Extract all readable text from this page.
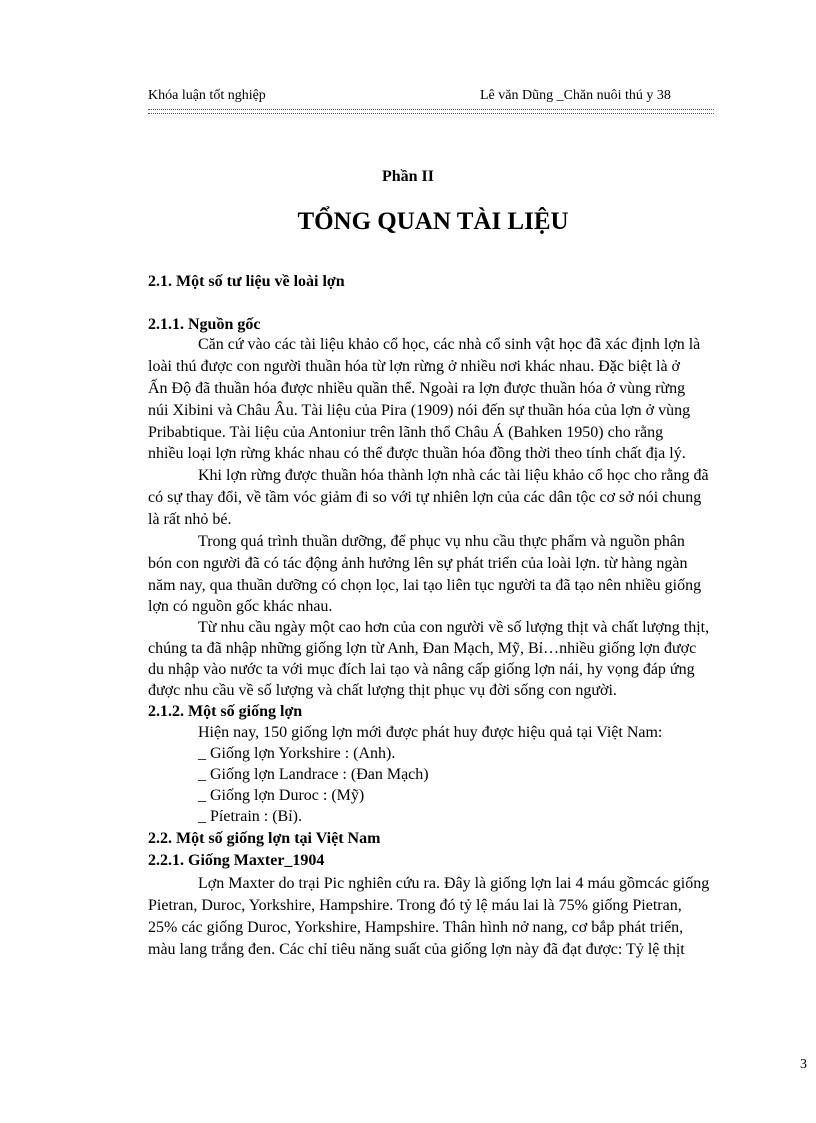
Khóa luận tốt nghiệp	Lê văn Dũng _Chăn nuôi thú y 38
Phần II
TỔNG QUAN TÀI LIỆU
2.1. Một số tư liệu về loài lợn
2.1.1. Nguồn gốc
Căn cứ vào các tài liệu khảo cổ học, các nhà cổ sinh vật học đã xác định lợn là
loài thú được con người thuần hóa từ lợn rừng ở nhiều nơi khác nhau. Đặc biệt là ở
Ấn Độ đã thuần hóa được nhiều quần thể. Ngoài ra lợn được thuần hóa ở vùng rừng
núi Xibini và Châu Âu. Tài liệu của Pira (1909) nói đến sự thuần hóa của lợn ở vùng
Pribabtique. Tài liệu của Antoniur trên lãnh thổ Châu Á (Bahken 1950) cho rằng
nhiều loại lợn rừng khác nhau có thể được thuần hóa đồng thời theo tính chất địa lý.
Khi lợn rừng được thuần hóa thành lợn nhà các tài liệu khảo cổ học cho rằng đã
có sự thay đổi, về tầm vóc giảm đi so với tự nhiên lợn của các dân tộc cơ sở nói chung
là rất nhỏ bé.
Trong quá trình thuần dưỡng, để phục vụ nhu cầu thực phẩm và nguồn phân
bón con người đã có tác động ảnh hưởng lên sự phát triển của loài lợn. từ hàng ngàn
năm nay, qua thuần dưỡng có chọn lọc, lai tạo liên tục người ta đã tạo nên nhiều giống
lợn có nguồn gốc khác nhau.
Từ nhu cầu ngày một cao hơn của con người về số lượng thịt và chất lượng thịt,
chúng ta đã nhập những giống lợn từ Anh, Đan Mạch, Mỹ, Bỉ…nhiều giống lợn được
du nhập vào nước ta với mục đích lai tạo và nâng cấp giống lợn nái, hy vọng đáp ứng
được nhu cầu về số lượng và chất lượng thịt phục vụ đời sống con người.
2.1.2. Một số giống lợn
Hiện nay, 150 giống lợn mới được phát huy được hiệu quả tại Việt Nam:
_ Giống lợn Yorkshire : (Anh).
_ Giống lợn Landrace : (Đan Mạch)
_ Giống lợn Duroc : (Mỹ)
_ Píetrain : (Bỉ).
2.2. Một số giống lợn tại Việt Nam
2.2.1. Giống Maxter_1904
Lợn Maxter do trại Pic nghiên cứu ra. Đây là giống lợn lai 4 máu gồmcác giống
Pietran, Duroc, Yorkshire, Hampshire. Trong đó tỷ lệ máu lai là 75% giống Pietran,
25% các giống Duroc, Yorkshire, Hampshire. Thân hình nở nang, cơ bắp phát triển,
màu lang trắng đen. Các chỉ tiêu năng suất của giống lợn này đã đạt được: Tỷ lệ thịt
3
